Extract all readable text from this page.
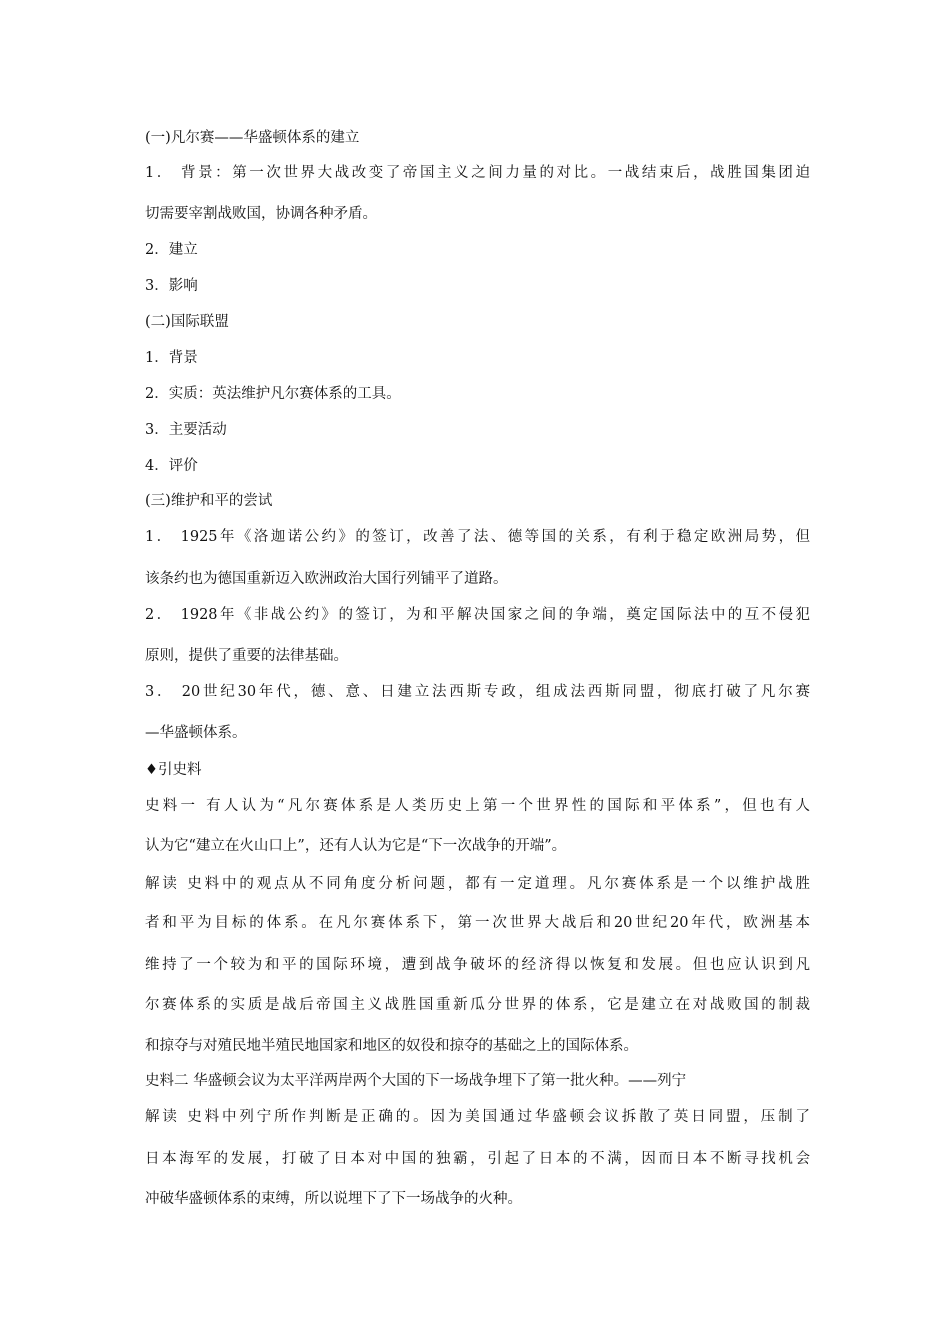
(一)凡尔赛——华盛顿体系的建立
1． 背景：第一次世界大战改变了帝国主义之间力量的对比。一战结束后，战胜国集团迫
切需要宰割战败国，协调各种矛盾。
2．建立
3．影响
(二)国际联盟
1．背景
2．实质：英法维护凡尔赛体系的工具。
3．主要活动
4．评价
(三)维护和平的尝试
1． 1925年《洛迦诺公约》的签订，改善了法、德等国的关系，有利于稳定欧洲局势，但
该条约也为德国重新迈入欧洲政治大国行列铺平了道路。
2． 1928年《非战公约》的签订，为和平解决国家之间的争端，奠定国际法中的互不侵犯
原则，提供了重要的法律基础。
3． 20世纪30年代，德、意、日建立法西斯专政，组成法西斯同盟，彻底打破了凡尔赛
—华盛顿体系。
♦引史料
史料一 有人认为“凡尔赛体系是人类历史上第一个世界性的国际和平体系”，但也有人
认为它“建立在火山口上”，还有人认为它是“下一次战争的开端”。
解读 史料中的观点从不同角度分析问题，都有一定道理。凡尔赛体系是一个以维护战胜
者和平为目标的体系。在凡尔赛体系下，第一次世界大战后和20世纪20年代，欧洲基本
维持了一个较为和平的国际环境，遭到战争破坏的经济得以恢复和发展。但也应认识到凡
尔赛体系的实质是战后帝国主义战胜国重新瓜分世界的体系，它是建立在对战败国的制裁
和掠夺与对殖民地半殖民地国家和地区的奴役和掠夺的基础之上的国际体系。
史料二 华盛顿会议为太平洋两岸两个大国的下一场战争埋下了第一批火种。——列宁
解读 史料中列宁所作判断是正确的。因为美国通过华盛顿会议拆散了英日同盟，压制了
日本海军的发展，打破了日本对中国的独霸，引起了日本的不满，因而日本不断寻找机会
冲破华盛顿体系的束缚，所以说埋下了下一场战争的火种。
